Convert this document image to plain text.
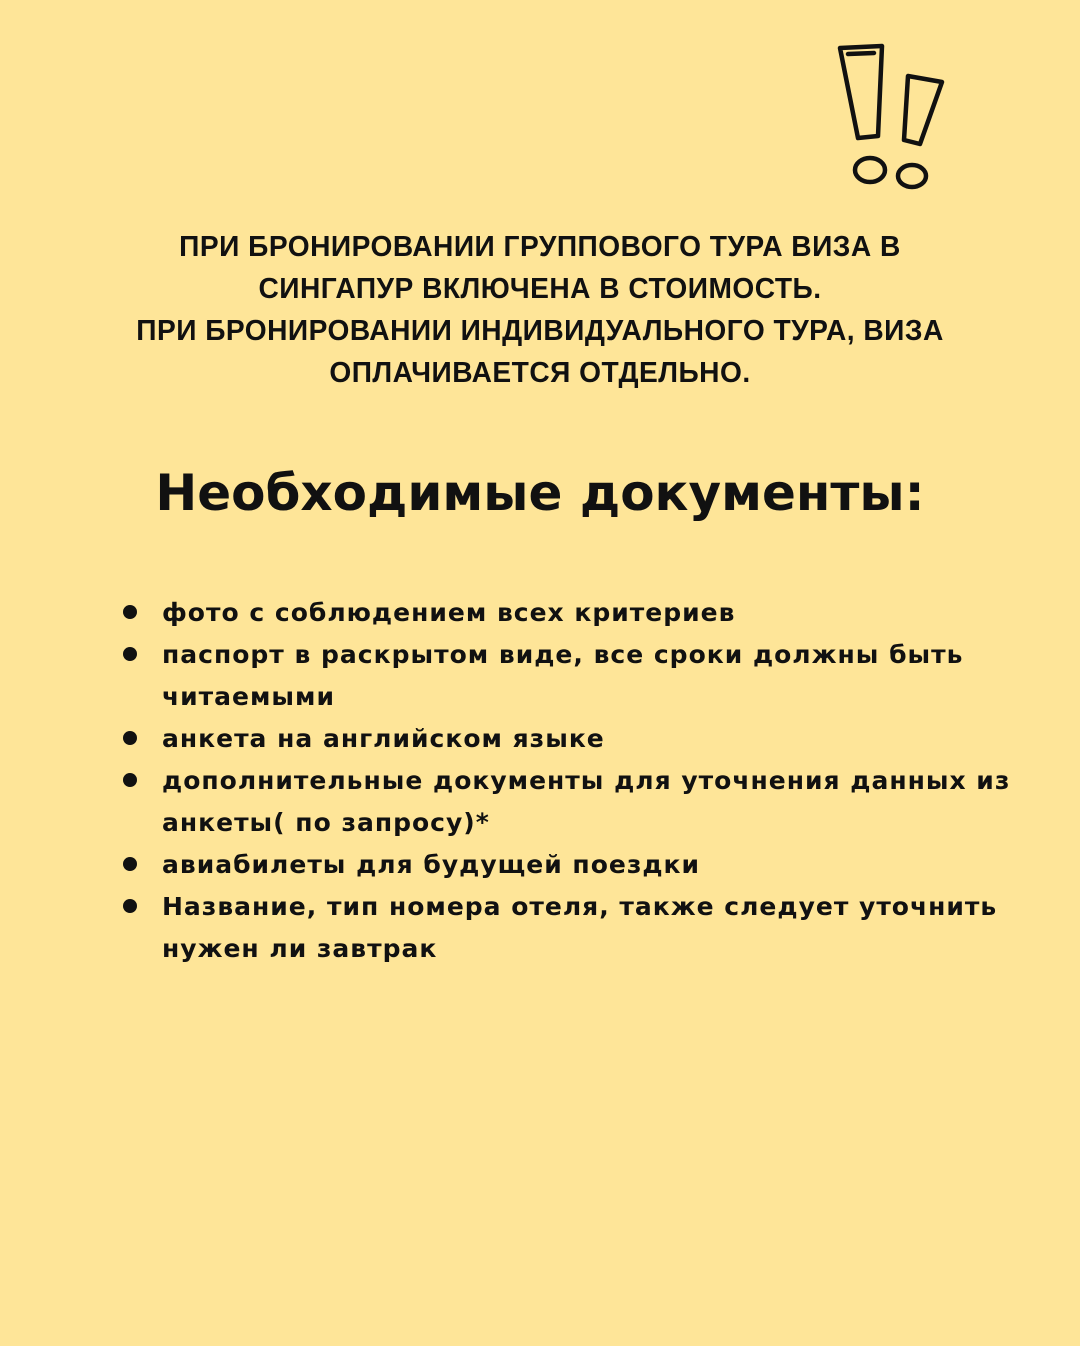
ПРИ БРОНИРОВАНИИ ГРУППОВОГО ТУРА ВИЗА В
СИНГАПУР ВКЛЮЧЕНА В СТОИМОСТЬ.
ПРИ БРОНИРОВАНИИ ИНДИВИДУАЛЬНОГО ТУРА, ВИЗА
ОПЛАЧИВАЕТСЯ ОТДЕЛЬНО.
Необходимые документы:
фото с соблюдением всех критериев
паспорт в раскрытом виде, все сроки должны быть читаемыми
анкета на английском языке
дополнительные документы для уточнения данных из анкеты( по запросу)*
авиабилеты для будущей поездки
Название, тип номера отеля, также следует уточнить нужен ли завтрак
